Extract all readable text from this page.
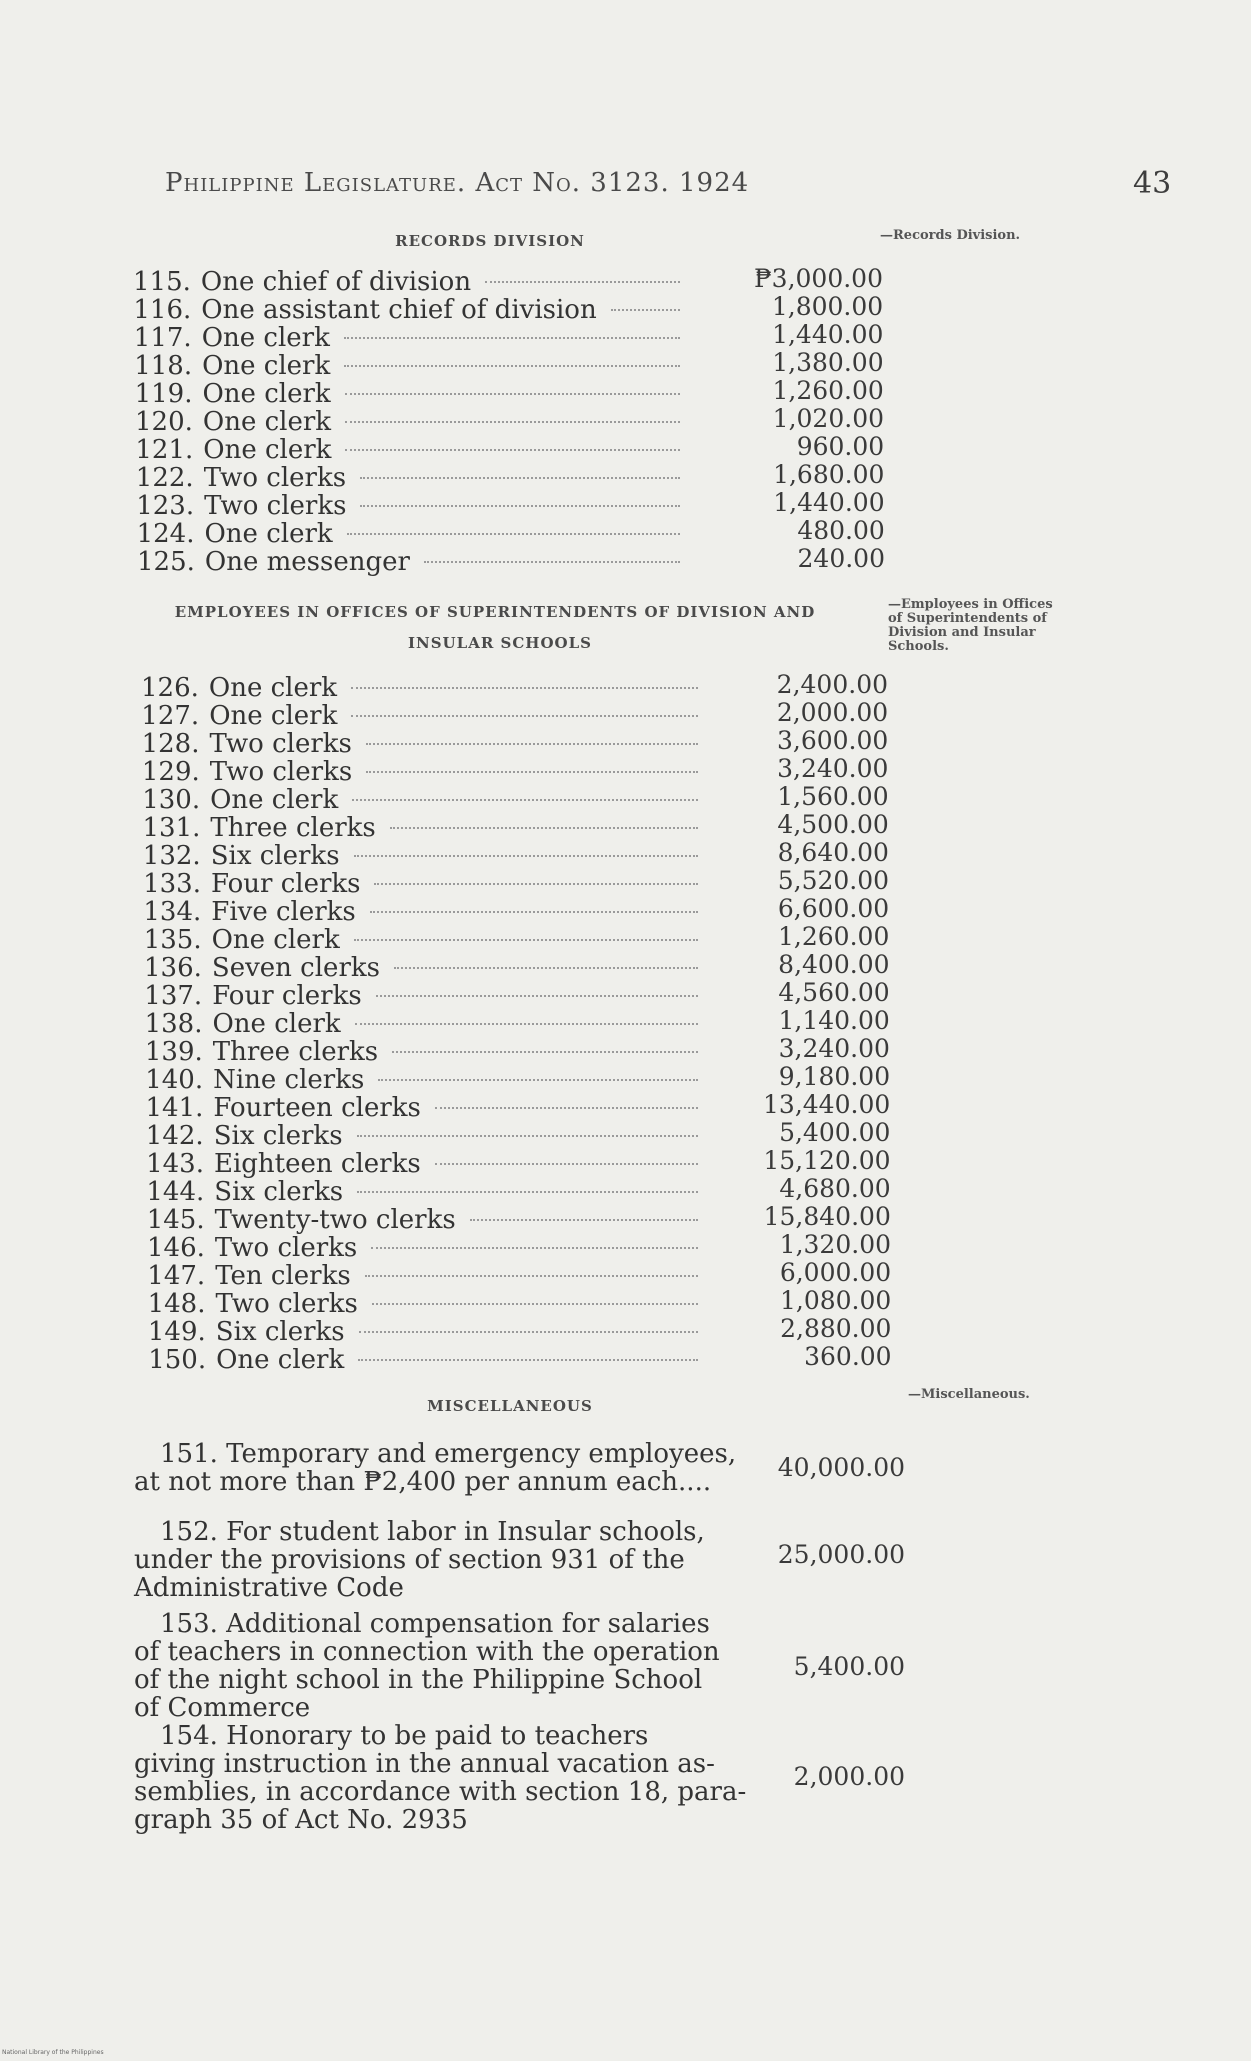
Philippine Legislature. Act No. 3123. 1924	43
RECORDS DIVISION	—Records Division.
115. One chief of division	₱3,000.00
116. One assistant chief of division	1,800.00
117. One clerk	1,440.00
118. One clerk	1,380.00
119. One clerk	1,260.00
120. One clerk	1,020.00
121. One clerk	960.00
122. Two clerks	1,680.00
123. Two clerks	1,440.00
124. One clerk	480.00
125. One messenger	240.00
EMPLOYEES IN OFFICES OF SUPERINTENDENTS OF DIVISION AND
INSULAR SCHOOLS
—Employees in Offices
of Superintendents of
Division and Insular
Schools.
126. One clerk	2,400.00
127. One clerk	2,000.00
128. Two clerks	3,600.00
129. Two clerks	3,240.00
130. One clerk	1,560.00
131. Three clerks	4,500.00
132. Six clerks	8,640.00
133. Four clerks	5,520.00
134. Five clerks	6,600.00
135. One clerk	1,260.00
136. Seven clerks	8,400.00
137. Four clerks	4,560.00
138. One clerk	1,140.00
139. Three clerks	3,240.00
140. Nine clerks	9,180.00
141. Fourteen clerks	13,440.00
142. Six clerks	5,400.00
143. Eighteen clerks	15,120.00
144. Six clerks	4,680.00
145. Twenty-two clerks	15,840.00
146. Two clerks	1,320.00
147. Ten clerks	6,000.00
148. Two clerks	1,080.00
149. Six clerks	2,880.00
150. One clerk	360.00
MISCELLANEOUS
—Miscellaneous.
151. Temporary and emergency employees,
at not more than ₱2,400 per annum each....	40,000.00
152. For student labor in Insular schools,
under the provisions of section 931 of the
Administrative Code
25,000.00
153. Additional compensation for salaries
of teachers in connection with the operation
of the night school in the Philippine School
of Commerce
5,400.00
154. Honorary to be paid to teachers
giving instruction in the annual vacation as-
semblies, in accordance with section 18, para-
graph 35 of Act No. 2935
2,000.00
National Library of the Philippines
